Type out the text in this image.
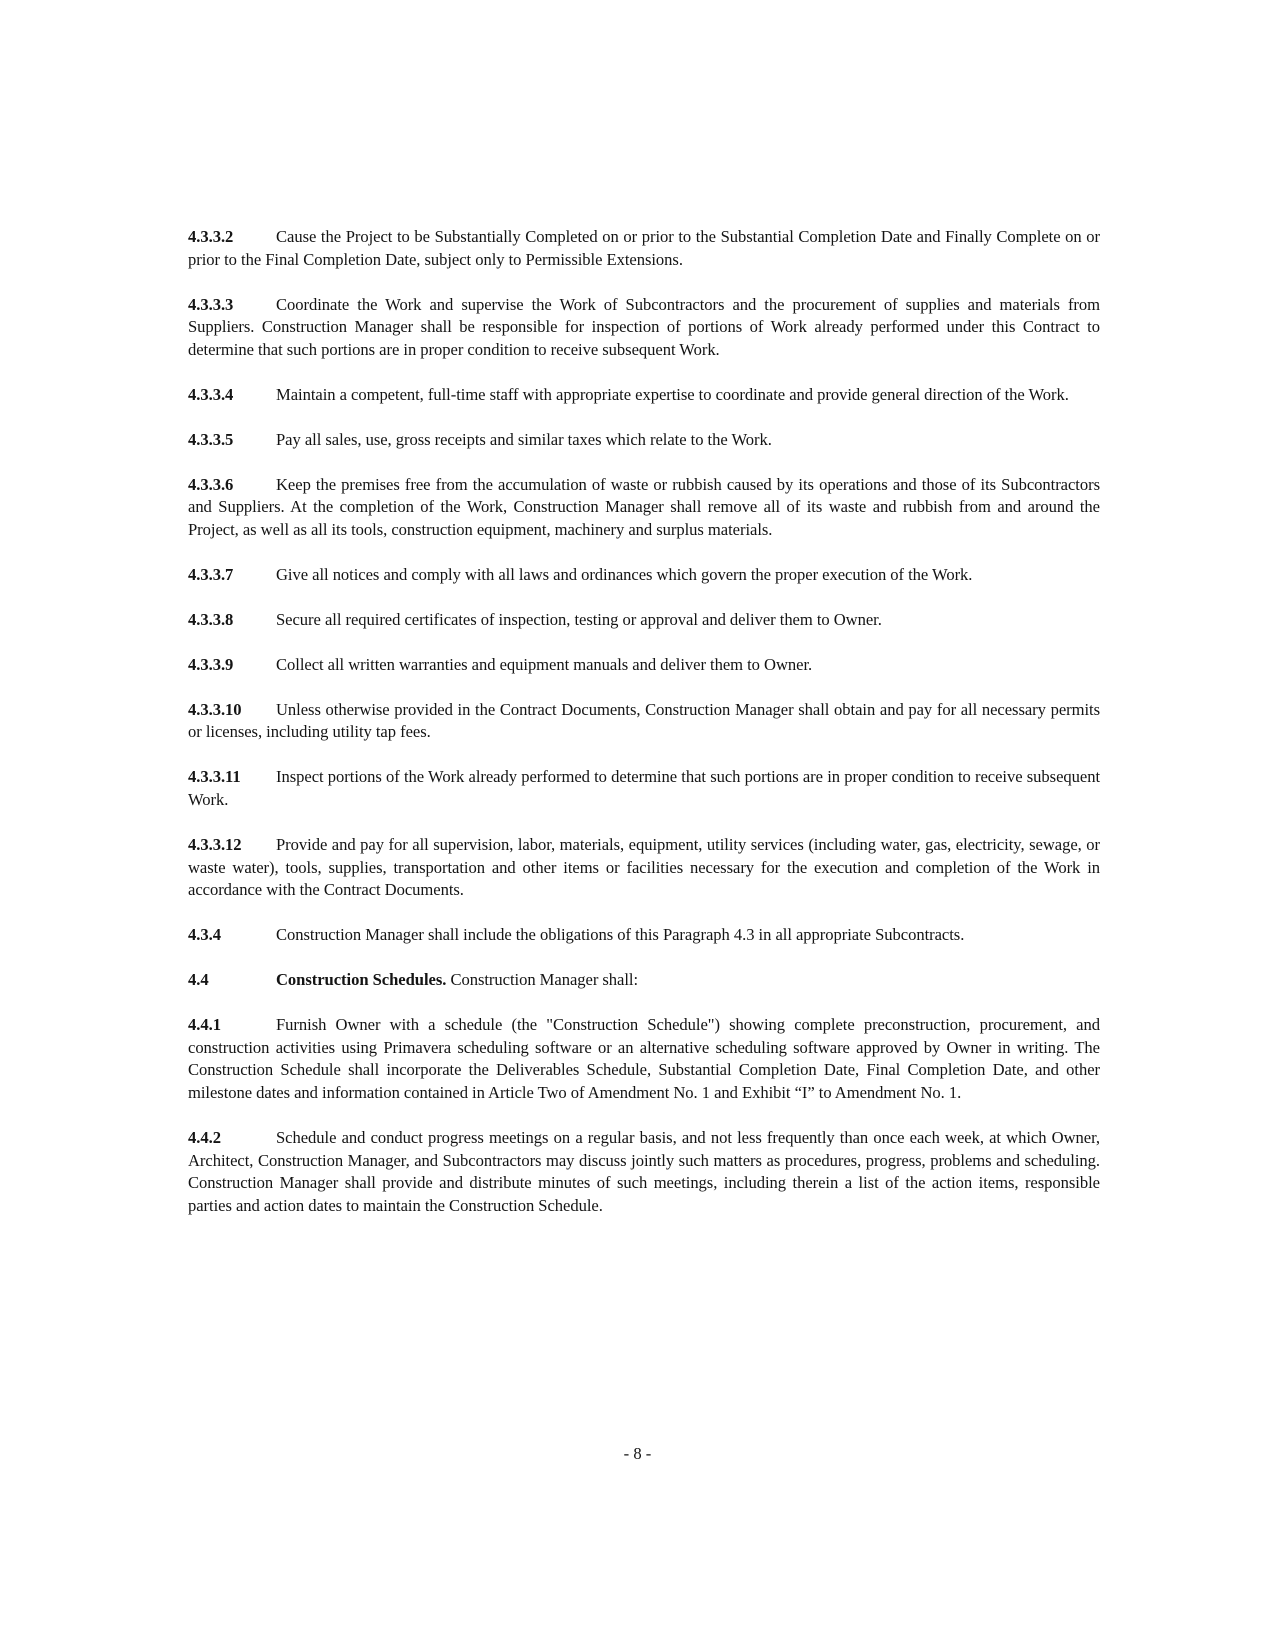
4.3.3.2	Cause the Project to be Substantially Completed on or prior to the Substantial Completion Date and Finally Complete on or prior to the Final Completion Date, subject only to Permissible Extensions.

4.3.3.3	Coordinate the Work and supervise the Work of Subcontractors and the procurement of supplies and materials from Suppliers. Construction Manager shall be responsible for inspection of portions of Work already performed under this Contract to determine that such portions are in proper condition to receive subsequent Work.

4.3.3.4	Maintain a competent, full-time staff with appropriate expertise to coordinate and provide general direction of the Work.

4.3.3.5	Pay all sales, use, gross receipts and similar taxes which relate to the Work.

4.3.3.6	Keep the premises free from the accumulation of waste or rubbish caused by its operations and those of its Subcontractors and Suppliers. At the completion of the Work, Construction Manager shall remove all of its waste and rubbish from and around the Project, as well as all its tools, construction equipment, machinery and surplus materials.

4.3.3.7	Give all notices and comply with all laws and ordinances which govern the proper execution of the Work.

4.3.3.8	Secure all required certificates of inspection, testing or approval and deliver them to Owner.

4.3.3.9	Collect all written warranties and equipment manuals and deliver them to Owner.

4.3.3.10 Unless otherwise provided in the Contract Documents, Construction Manager shall obtain and pay for all necessary permits or licenses, including utility tap fees.

4.3.3.11 Inspect portions of the Work already performed to determine that such portions are in proper condition to receive subsequent Work.

4.3.3.12 Provide and pay for all supervision, labor, materials, equipment, utility services (including water, gas, electricity, sewage, or waste water), tools, supplies, transportation and other items or facilities necessary for the execution and completion of the Work in accordance with the Contract Documents.

4.3.4	Construction Manager shall include the obligations of this Paragraph 4.3 in all appropriate Subcontracts.

4.4	Construction Schedules. Construction Manager shall:

4.4.1	Furnish Owner with a schedule (the "Construction Schedule") showing complete preconstruction, procurement, and construction activities using Primavera scheduling software or an alternative scheduling software approved by Owner in writing. The Construction Schedule shall incorporate the Deliverables Schedule, Substantial Completion Date, Final Completion Date, and other milestone dates and information contained in Article Two of Amendment No. 1 and Exhibit “I” to Amendment No. 1.

4.4.2	Schedule and conduct progress meetings on a regular basis, and not less frequently than once each week, at which Owner, Architect, Construction Manager, and Subcontractors may discuss jointly such matters as procedures, progress, problems and scheduling. Construction Manager shall provide and distribute minutes of such meetings, including therein a list of the action items, responsible parties and action dates to maintain the Construction Schedule.

- 8 -
